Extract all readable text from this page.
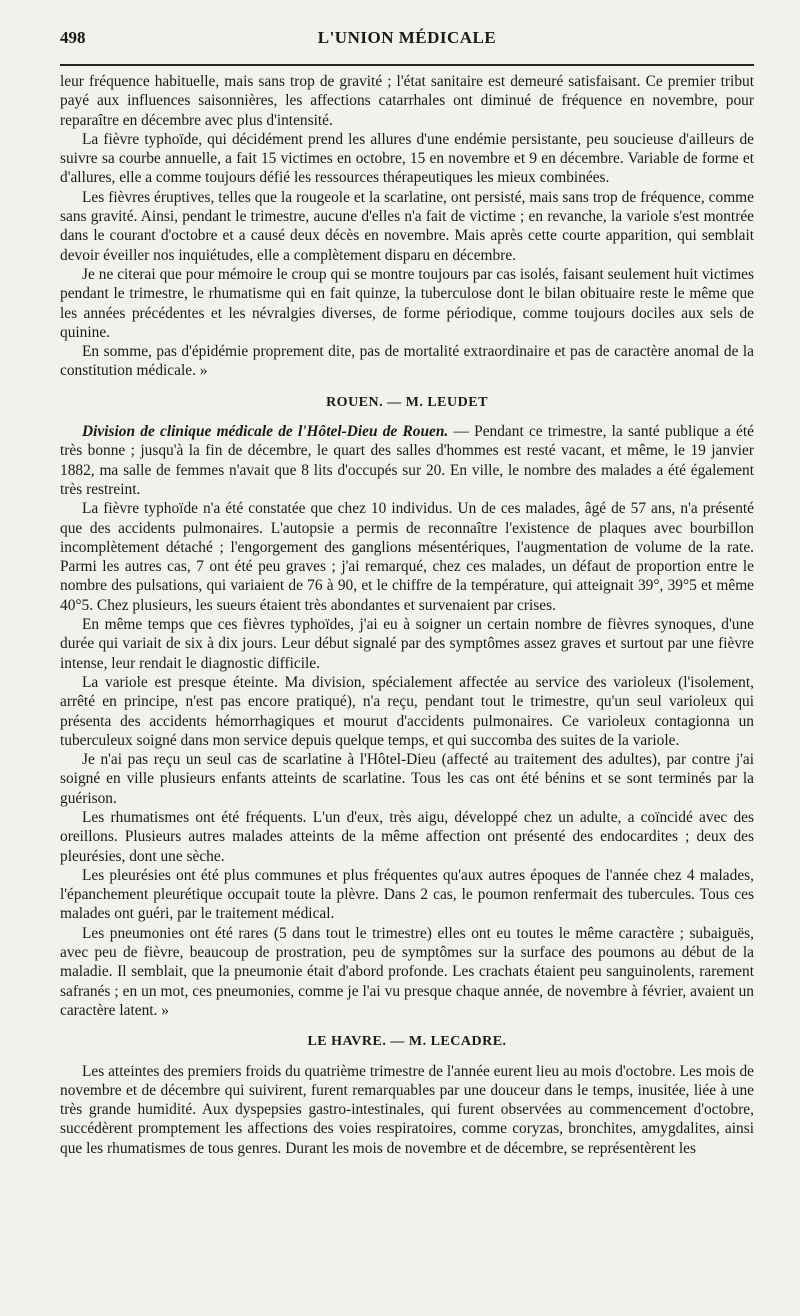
498	L'UNION MÉDICALE

leur fréquence habituelle, mais sans trop de gravité ; l'état sanitaire est demeuré satisfaisant. Ce premier tribut payé aux influences saisonnières, les affections catarrhales ont diminué de fréquence en novembre, pour reparaître en décembre avec plus d'intensité.

La fièvre typhoïde, qui décidément prend les allures d'une endémie persistante, peu soucieuse d'ailleurs de suivre sa courbe annuelle, a fait 15 victimes en octobre, 15 en novembre et 9 en décembre. Variable de forme et d'allures, elle a comme toujours défié les ressources thérapeutiques les mieux combinées.

Les fièvres éruptives, telles que la rougeole et la scarlatine, ont persisté, mais sans trop de fréquence, comme sans gravité. Ainsi, pendant le trimestre, aucune d'elles n'a fait de victime ; en revanche, la variole s'est montrée dans le courant d'octobre et a causé deux décès en novembre. Mais après cette courte apparition, qui semblait devoir éveiller nos inquiétudes, elle a complètement disparu en décembre.

Je ne citerai que pour mémoire le croup qui se montre toujours par cas isolés, faisant seulement huit victimes pendant le trimestre, le rhumatisme qui en fait quinze, la tuberculose dont le bilan obituaire reste le même que les années précédentes et les névralgies diverses, de forme périodique, comme toujours dociles aux sels de quinine.

En somme, pas d'épidémie proprement dite, pas de mortalité extraordinaire et pas de caractère anomal de la constitution médicale. »

ROUEN. — M. LEUDET

Division de clinique médicale de l'Hôtel-Dieu de Rouen. — Pendant ce trimestre, la santé publique a été très bonne ; jusqu'à la fin de décembre, le quart des salles d'hommes est resté vacant, et même, le 19 janvier 1882, ma salle de femmes n'avait que 8 lits d'occupés sur 20. En ville, le nombre des malades a été également très restreint.

La fièvre typhoïde n'a été constatée que chez 10 individus. Un de ces malades, âgé de 57 ans, n'a présenté que des accidents pulmonaires. L'autopsie a permis de reconnaître l'existence de plaques avec bourbillon incomplètement détaché ; l'engorgement des ganglions mésentériques, l'augmentation de volume de la rate. Parmi les autres cas, 7 ont été peu graves ; j'ai remarqué, chez ces malades, un défaut de proportion entre le nombre des pulsations, qui variaient de 76 à 90, et le chiffre de la température, qui atteignait 39°, 39°5 et même 40°5. Chez plusieurs, les sueurs étaient très abondantes et survenaient par crises.

En même temps que ces fièvres typhoïdes, j'ai eu à soigner un certain nombre de fièvres synoques, d'une durée qui variait de six à dix jours. Leur début signalé par des symptômes assez graves et surtout par une fièvre intense, leur rendait le diagnostic difficile.

La variole est presque éteinte. Ma division, spécialement affectée au service des varioleux (l'isolement, arrêté en principe, n'est pas encore pratiqué), n'a reçu, pendant tout le trimestre, qu'un seul varioleux qui présenta des accidents hémorrhagiques et mourut d'accidents pulmonaires. Ce varioleux contagionna un tuberculeux soigné dans mon service depuis quelque temps, et qui succomba des suites de la variole.

Je n'ai pas reçu un seul cas de scarlatine à l'Hôtel-Dieu (affecté au traitement des adultes), par contre j'ai soigné en ville plusieurs enfants atteints de scarlatine. Tous les cas ont été bénins et se sont terminés par la guérison.

Les rhumatismes ont été fréquents. L'un d'eux, très aigu, développé chez un adulte, a coïncidé avec des oreillons. Plusieurs autres malades atteints de la même affection ont présenté des endocardites ; deux des pleurésies, dont une sèche.

Les pleurésies ont été plus communes et plus fréquentes qu'aux autres époques de l'année chez 4 malades, l'épanchement pleurétique occupait toute la plèvre. Dans 2 cas, le poumon renfermait des tubercules. Tous ces malades ont guéri, par le traitement médical.

Les pneumonies ont été rares (5 dans tout le trimestre) elles ont eu toutes le même caractère ; subaiguës, avec peu de fièvre, beaucoup de prostration, peu de symptômes sur la surface des poumons au début de la maladie. Il semblait, que la pneumonie était d'abord profonde. Les crachats étaient peu sanguinolents, rarement safranés ; en un mot, ces pneumonies, comme je l'ai vu presque chaque année, de novembre à février, avaient un caractère latent. »

LE HAVRE. — M. LECADRE.

Les atteintes des premiers froids du quatrième trimestre de l'année eurent lieu au mois d'octobre. Les mois de novembre et de décembre qui suivirent, furent remarquables par une douceur dans le temps, inusitée, liée à une très grande humidité. Aux dyspepsies gastro-intestinales, qui furent observées au commencement d'octobre, succédèrent promptement les affections des voies respiratoires, comme coryzas, bronchites, amygdalites, ainsi que les rhumatismes de tous genres. Durant les mois de novembre et de décembre, se représentèrent les
